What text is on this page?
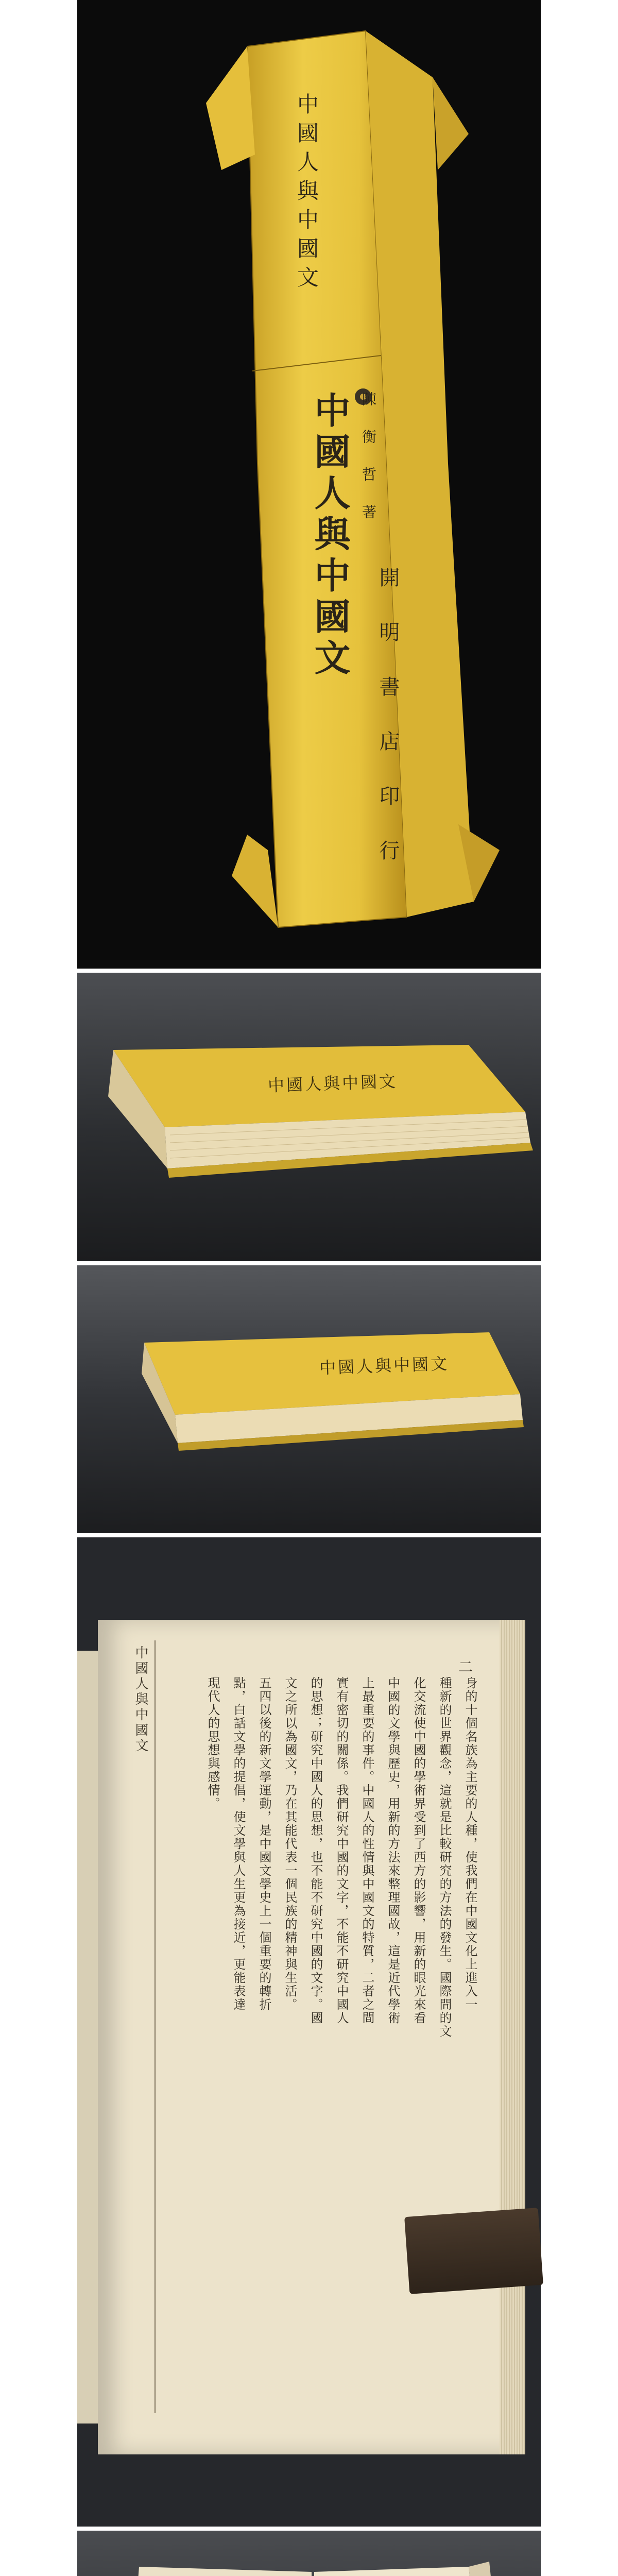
中國人與中國文
中國人與中國文 陳 衡 哲 著
開 明 書 店 印 行
中國人與中國文
中國人與中國文
中國人與中國文	二
身的十個名族為主要的人種，使我們在中國文化上進入一
種新的世界觀念，這就是比較研究的方法的發生。國際間的文
化交流使中國的學術界受到了西方的影響，用新的眼光來看
中國的文學與歷史，用新的方法來整理國故，這是近代學術
上最重要的事件。中國人的性情與中國文的特質，二者之間
實有密切的關係。我們研究中國的文字，不能不研究中國人
的思想；研究中國人的思想，也不能不研究中國的文字。國
文之所以為國文，乃在其能代表一個民族的精神與生活。
五四以後的新文學運動，是中國文學史上一個重要的轉折
點，白話文學的提倡，使文學與人生更為接近，更能表達
現代人的思想與感情。
